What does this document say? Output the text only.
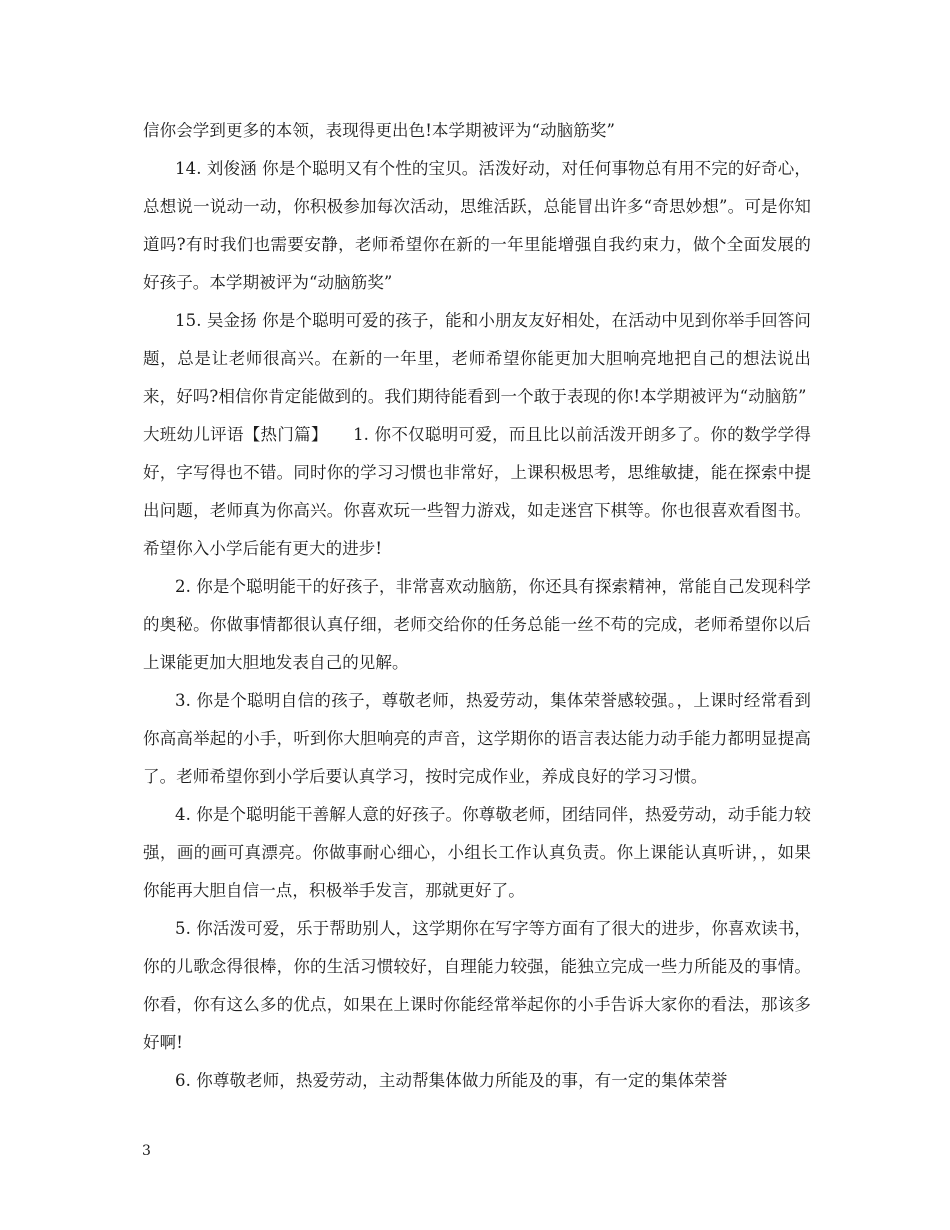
信你会学到更多的本领，表现得更出色!本学期被评为“动脑筋奖”

14. 刘俊涵 你是个聪明又有个性的宝贝。活泼好动，对任何事物总有用不完的好奇心，总想说一说动一动，你积极参加每次活动，思维活跃，总能冒出许多“奇思妙想”。可是你知道吗?有时我们也需要安静，老师希望你在新的一年里能增强自我约束力，做个全面发展的好孩子。本学期被评为“动脑筋奖”

15. 吴金扬 你是个聪明可爱的孩子，能和小朋友友好相处，在活动中见到你举手回答问题，总是让老师很高兴。在新的一年里，老师希望你能更加大胆响亮地把自己的想法说出来，好吗?相信你肯定能做到的。我们期待能看到一个敢于表现的你!本学期被评为“动脑筋”

大班幼儿评语【热门篇】　　1. 你不仅聪明可爱，而且比以前活泼开朗多了。你的数学学得好，字写得也不错。同时你的学习习惯也非常好，上课积极思考，思维敏捷，能在探索中提出问题，老师真为你高兴。你喜欢玩一些智力游戏，如走迷宫下棋等。你也很喜欢看图书。希望你入小学后能有更大的进步!

2. 你是个聪明能干的好孩子，非常喜欢动脑筋，你还具有探索精神，常能自己发现科学的奥秘。你做事情都很认真仔细，老师交给你的任务总能一丝不苟的完成，老师希望你以后上课能更加大胆地发表自己的见解。

3. 你是个聪明自信的孩子，尊敬老师，热爱劳动，集体荣誉感较强。，上课时经常看到你高高举起的小手，听到你大胆响亮的声音，这学期你的语言表达能力动手能力都明显提高了。老师希望你到小学后要认真学习，按时完成作业，养成良好的学习习惯。

4. 你是个聪明能干善解人意的好孩子。你尊敬老师，团结同伴，热爱劳动，动手能力较强，画的画可真漂亮。你做事耐心细心，小组长工作认真负责。你上课能认真听讲，，如果你能再大胆自信一点，积极举手发言，那就更好了。

5. 你活泼可爱，乐于帮助别人，这学期你在写字等方面有了很大的进步，你喜欢读书，你的儿歌念得很棒，你的生活习惯较好，自理能力较强，能独立完成一些力所能及的事情。你看，你有这么多的优点，如果在上课时你能经常举起你的小手告诉大家你的看法，那该多好啊!

6. 你尊敬老师，热爱劳动，主动帮集体做力所能及的事，有一定的集体荣誉

3
